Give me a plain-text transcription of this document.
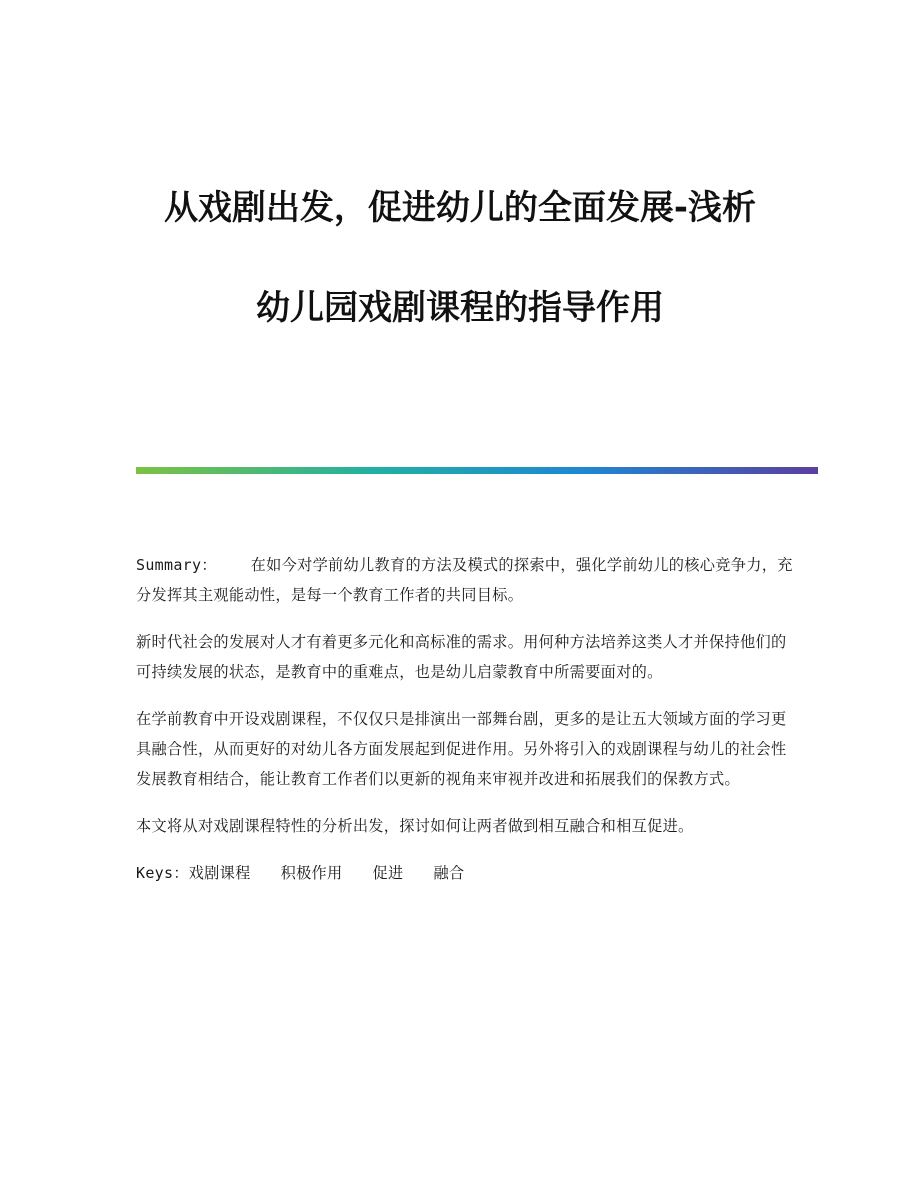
从戏剧出发，促进幼儿的全面发展-浅析
幼儿园戏剧课程的指导作用

Summary： 在如今对学前幼儿教育的方法及模式的探索中，强化学前幼儿的核心竞争力，充分发挥其主观能动性，是每一个教育工作者的共同目标。

新时代社会的发展对人才有着更多元化和高标准的需求。用何种方法培养这类人才并保持他们的可持续发展的状态，是教育中的重难点，也是幼儿启蒙教育中所需要面对的。

在学前教育中开设戏剧课程，不仅仅只是排演出一部舞台剧，更多的是让五大领域方面的学习更具融合性，从而更好的对幼儿各方面发展起到促进作用。另外将引入的戏剧课程与幼儿的社会性发展教育相结合，能让教育工作者们以更新的视角来审视并改进和拓展我们的保教方式。

本文将从对戏剧课程特性的分析出发，探讨如何让两者做到相互融合和相互促进。

Keys：戏剧课程 积极作用 促进 融合
